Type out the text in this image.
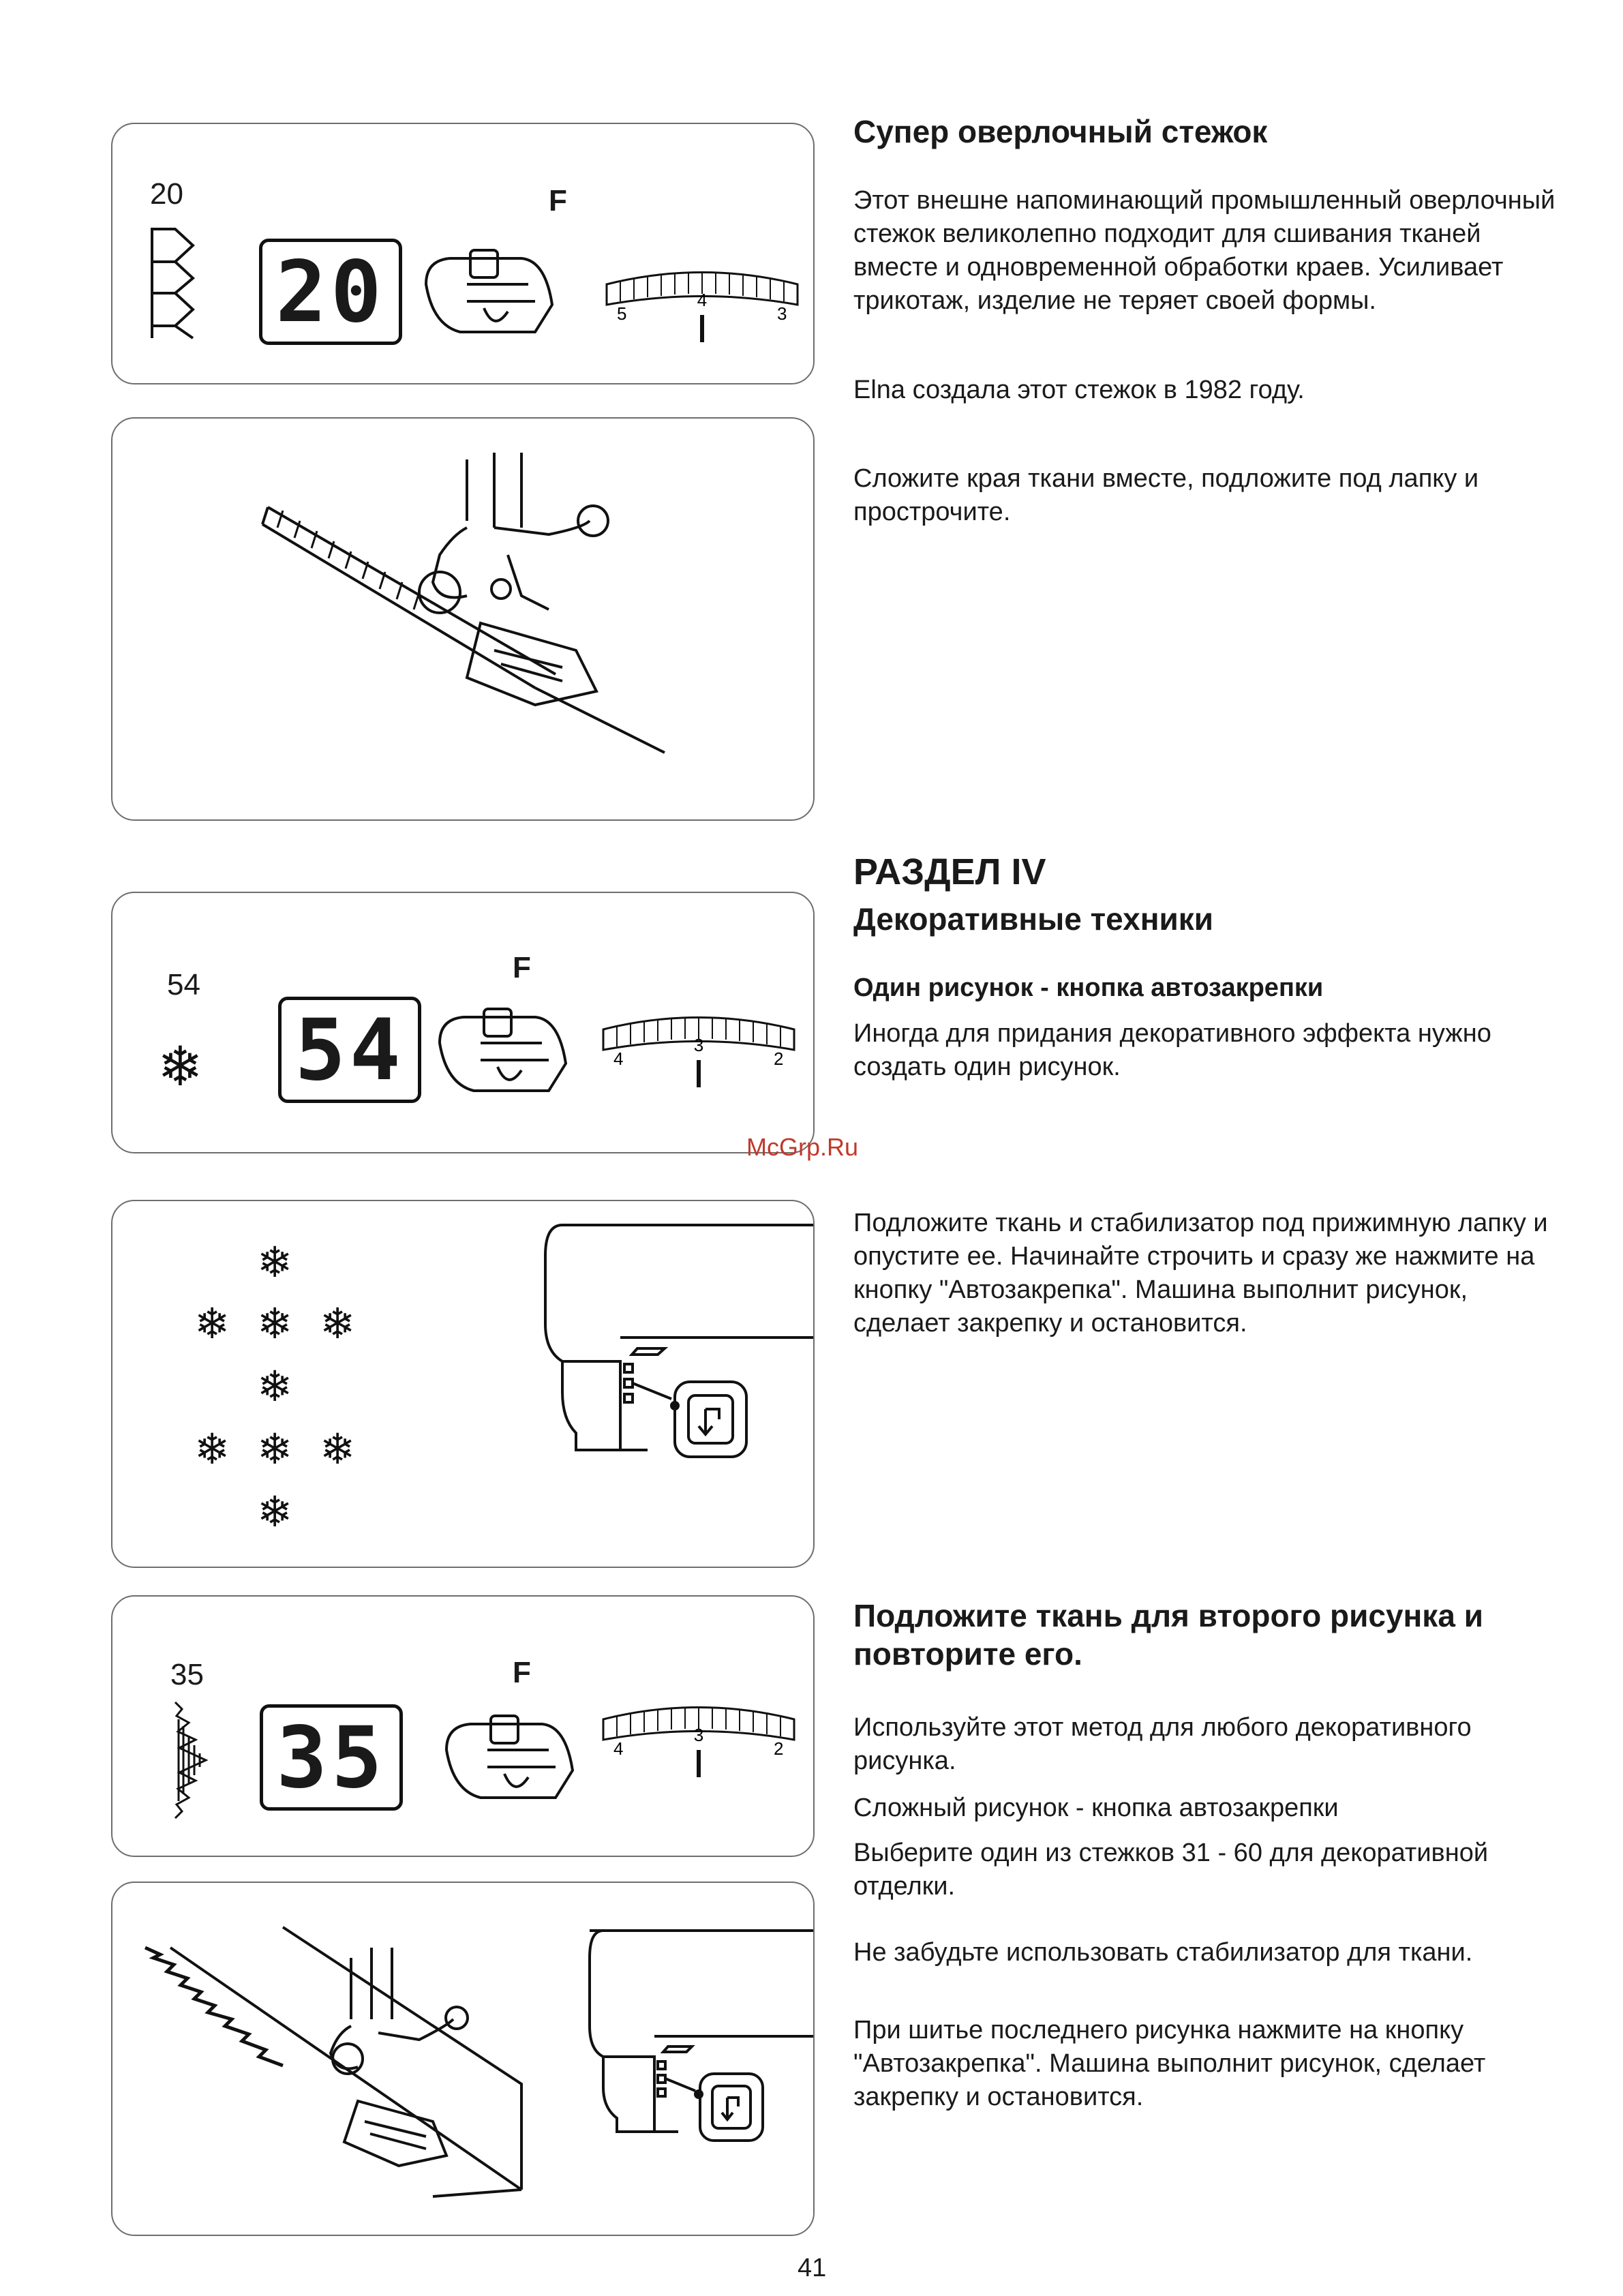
20
20
F
5
4
3
54
❄ 54
F
4
3
2
❄
❄ ❄ ❄
❄
❄ ❄ ❄
❄
35
35
F
4
3
2
Супер оверлочный стежок

Этот внешне напоминающий промышленный оверлочный стежок великолепно подходит для сшивания тканей вместе и одновременной обработки краев. Усиливает трикотаж, изделие не теряет своей формы.

Elna создала этот стежок в 1982 году.

Сложите края ткани вместе, подложите под лапку и прострочите.

РАЗДЕЛ IV
Декоративные техники
Один рисунок - кнопка автозакрепки

Иногда для придания декоративного эффекта нужно создать один рисунок.

Подложите ткань и стабилизатор под прижимную лапку и опустите ее. Начинайте строчить и сразу же нажмите на кнопку "Автозакрепка". Машина выполнит рисунок, сделает закрепку и остановится.

Подложите ткань для второго рисунка и повторите его.

Используйте этот метод для любого декоративного рисунка.

Сложный рисунок - кнопка автозакрепки

Выберите один из стежков 31 - 60 для декоративной отделки.

Не забудьте использовать стабилизатор для ткани.

При шитье последнего рисунка нажмите на кнопку "Автозакрепка". Машина выполнит рисунок, сделает закрепку и остановится.

McGrp.Ru
41
